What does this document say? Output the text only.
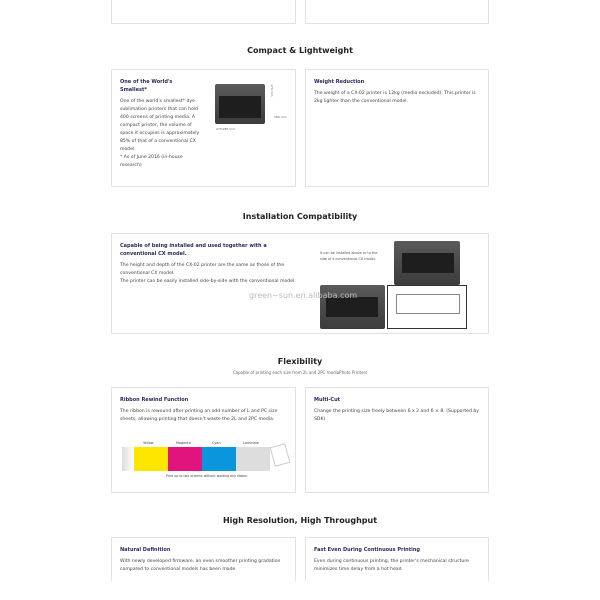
Compact & Lightweight
One of the World's Smallest*
One of the world's smallest* dye sublimation printers that can hold 400 screens of printing media. A compact printer, the volume of space it occupies is approximately 85% of that of a conventional CX model.
* As of June 2016 (in-house research)
275/285 mm
170 mm
366 mm
Weight Reduction
The weight of a CX-02 printer is 12kg (media excluded). This printer is 2kg lighter than the conventional model.
Installation Compatibility
Capable of being installed and used together with a conventional CX model.
The height and depth of the CX-02 printer are the same as those of the conventional CX model.
The printer can be easily installed side-by-side with the conventional model.
It can be installed above or to the side of a conventional CX model.
green~sun.en.alibaba.com
Flexibility
Capable of printing each size from 2L and 2PC mediaPhoto Printers
Ribbon Rewind Function
The ribbon is rewound after printing an odd number of L and PC size sheets, allowing printing that doesn't waste the 2L and 2PC media.
Yellow	Magenta	Cyan	Laminate
Print up to two screens without wasting any ribbon.
Multi-Cut
Change the printing size freely between 6 x 2 and 6 × 8. (Supported by SDK)
High Resolution, High Throughput
Natural Definition
With newly developed firmware, an even smoother printing gradation compared to conventional models has been made
Fast Even During Continuous Printing
Even during continuous printing, the printer's mechanical structure minimizes time delay from a hot head.
